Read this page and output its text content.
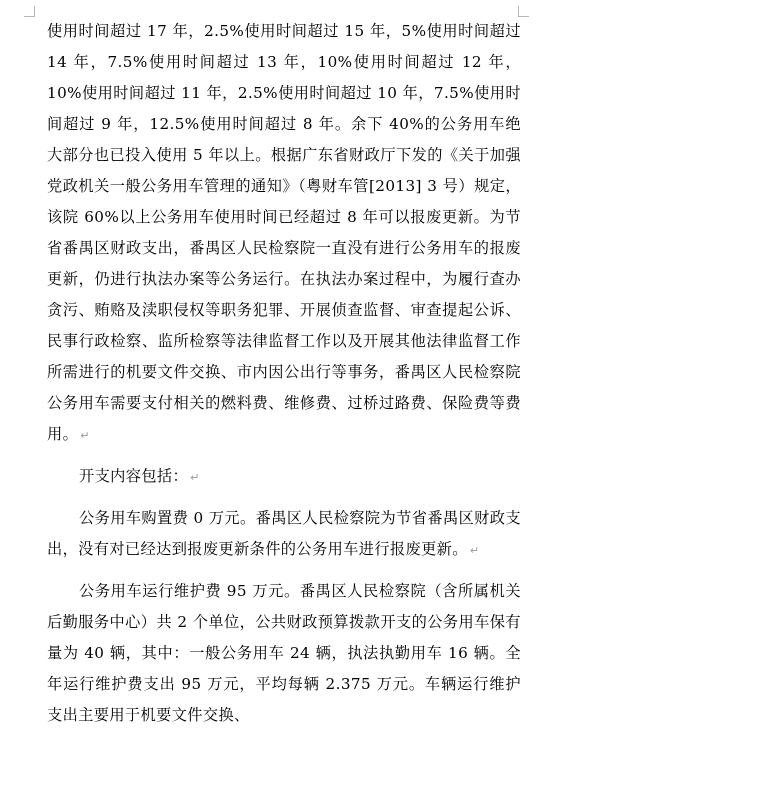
使用时间超过 17 年，2.5%使用时间超过 15 年，5%使用时间超过 14 年，7.5%使用时间超过 13 年，10%使用时间超过 12 年，10%使用时间超过 11 年，2.5%使用时间超过 10 年，7.5%使用时间超过 9 年，12.5%使用时间超过 8 年。余下 40%的公务用车绝大部分也已投入使用 5 年以上。根据广东省财政厅下发的《关于加强党政机关一般公务用车管理的通知》（粤财车管[2013] 3 号）规定，该院 60%以上公务用车使用时间已经超过 8 年可以报废更新。为节省番禺区财政支出，番禺区人民检察院一直没有进行公务用车的报废更新，仍进行执法办案等公务运行。在执法办案过程中，为履行查办贪污、贿赂及渎职侵权等职务犯罪、开展侦查监督、审查提起公诉、民事行政检察、监所检察等法律监督工作以及开展其他法律监督工作所需进行的机要文件交换、市内因公出行等事务，番禺区人民检察院公务用车需要支付相关的燃料费、维修费、过桥过路费、保险费等费用。 ↵

开支内容包括： ↵

公务用车购置费 0 万元。番禺区人民检察院为节省番禺区财政支出，没有对已经达到报废更新条件的公务用车进行报废更新。 ↵

公务用车运行维护费 95 万元。番禺区人民检察院（含所属机关后勤服务中心）共 2 个单位，公共财政预算拨款开支的公务用车保有量为 40 辆，其中：一般公务用车 24 辆，执法执勤用车 16 辆。全年运行维护费支出 95 万元，平均每辆 2.375 万元。车辆运行维护支出主要用于机要文件交换、
